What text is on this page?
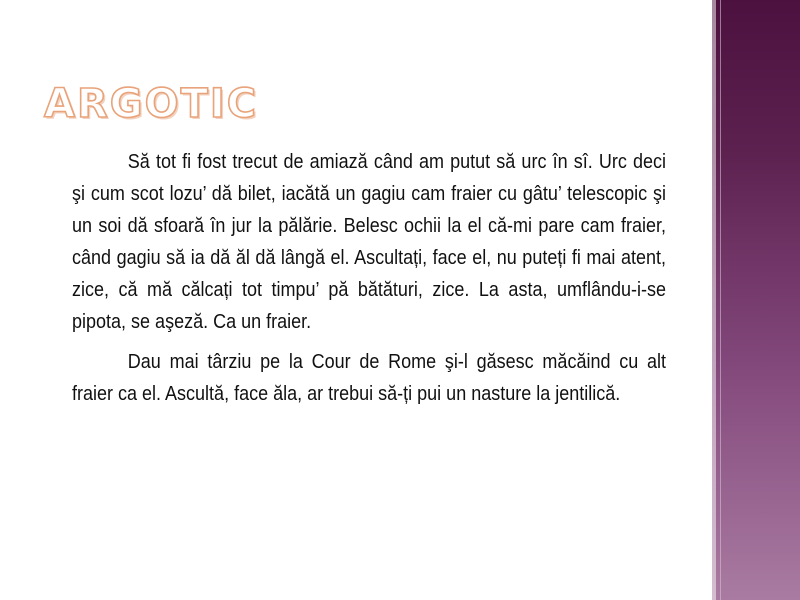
ARGOTIC

Să tot fi fost trecut de amiază când am putut să urc în sî. Urc deci şi cum scot lozu’ dă bilet, iacătă un gagiu cam fraier cu gâtu’ telescopic şi un soi dă sfoară în jur la pălărie. Belesc ochii la el că-mi pare cam fraier, când gagiu să ia dă ăl dă lângă el. Ascultați, face el, nu puteți fi mai atent, zice, că mă călcați tot timpu’ pă bătături, zice. La asta, umflându-i-se pipota, se aşeză. Ca un fraier.

Dau mai târziu pe la Cour de Rome şi-l găsesc măcăind cu alt fraier ca el. Ascultă, face ăla, ar trebui să-ți pui un nasture la jentilică.
